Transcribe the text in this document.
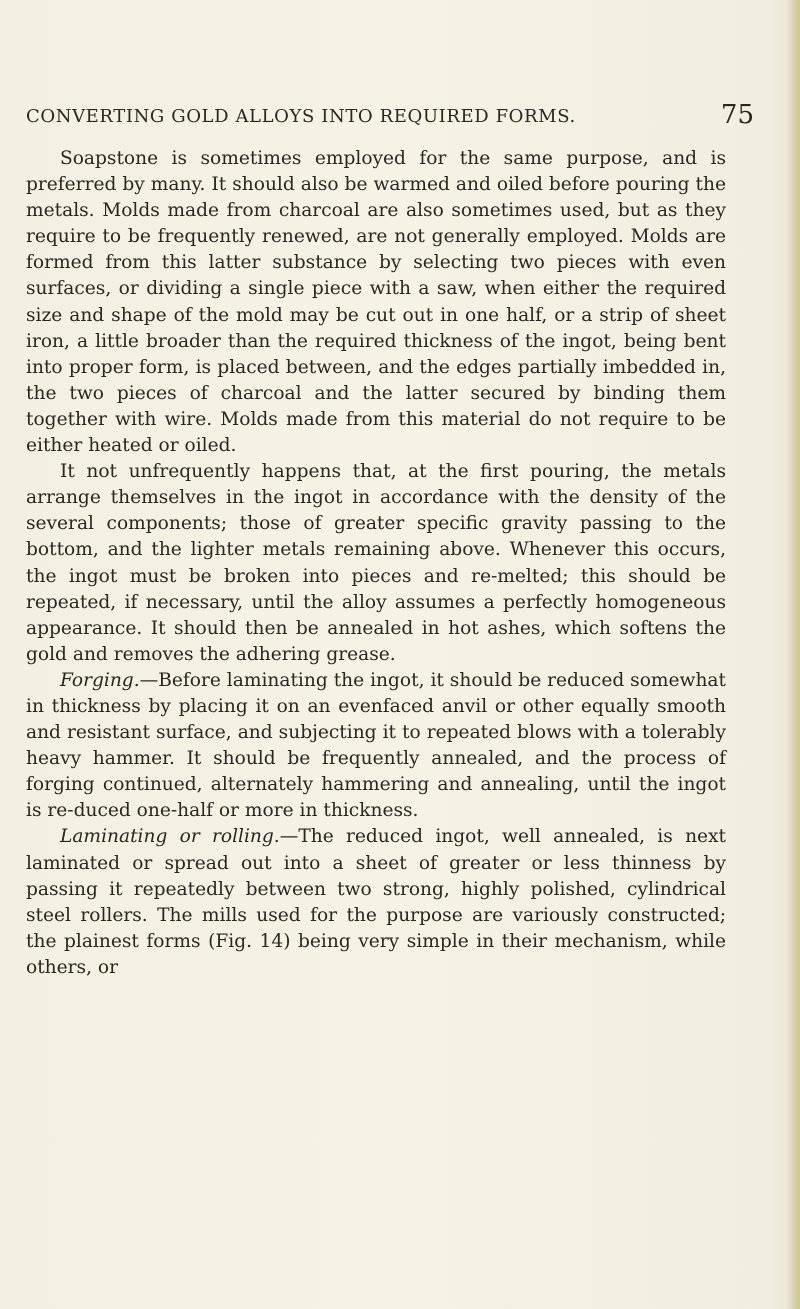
CONVERTING GOLD ALLOYS INTO REQUIRED FORMS.	75

Soapstone is sometimes employed for the same purpose, and is preferred by many. It should also be warmed and oiled before pouring the metals. Molds made from charcoal are also sometimes used, but as they require to be frequently renewed, are not generally employed. Molds are formed from this latter substance by selecting two pieces with even surfaces, or dividing a single piece with a saw, when either the required size and shape of the mold may be cut out in one half, or a strip of sheet iron, a little broader than the required thickness of the ingot, being bent into proper form, is placed between, and the edges partially imbedded in, the two pieces of charcoal and the latter secured by binding them together with wire. Molds made from this material do not require to be either heated or oiled.

It not unfrequently happens that, at the first pouring, the metals arrange themselves in the ingot in accordance with the density of the several components; those of greater specific gravity passing to the bottom, and the lighter metals remaining above. Whenever this occurs, the ingot must be broken into pieces and re-melted; this should be repeated, if necessary, until the alloy assumes a perfectly homogeneous appearance. It should then be annealed in hot ashes, which softens the gold and removes the adhering grease.

Forging.—Before laminating the ingot, it should be reduced somewhat in thickness by placing it on an evenfaced anvil or other equally smooth and resistant surface, and subjecting it to repeated blows with a tolerably heavy hammer. It should be frequently annealed, and the process of forging continued, alternately hammering and annealing, until the ingot is re-duced one-half or more in thickness.

Laminating or rolling.—The reduced ingot, well annealed, is next laminated or spread out into a sheet of greater or less thinness by passing it repeatedly between two strong, highly polished, cylindrical steel rollers. The mills used for the purpose are variously constructed; the plainest forms (Fig. 14) being very simple in their mechanism, while others, or
